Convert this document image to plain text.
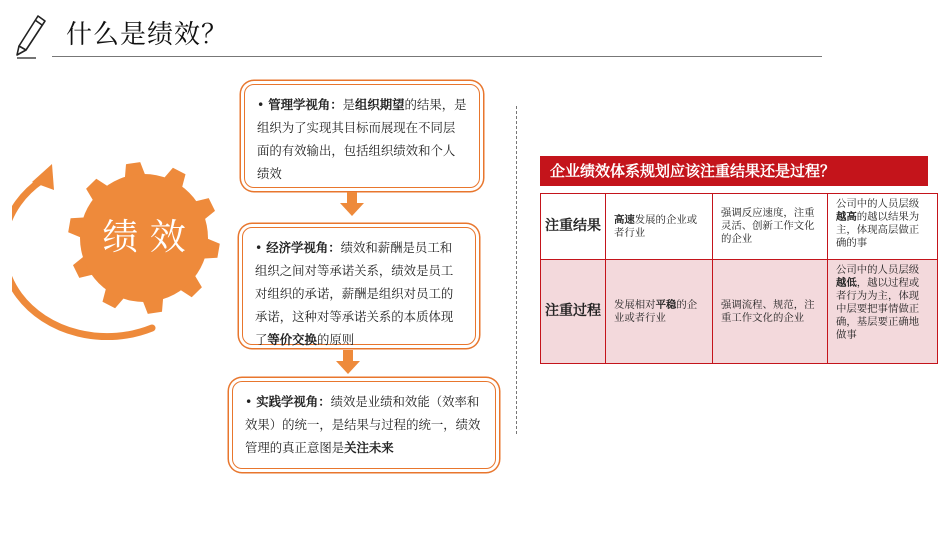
什么是绩效？
绩 效
• 管理学视角：是组织期望的结果，是组织为了实现其目标而展现在不同层面的有效输出，包括组织绩效和个人绩效
• 经济学视角：绩效和薪酬是员工和组织之间对等承诺关系，绩效是员工对组织的承诺，薪酬是组织对员工的承诺，这种对等承诺关系的本质体现了等价交换的原则
• 实践学视角：绩效是业绩和效能（效率和效果）的统一，是结果与过程的统一，绩效管理的真正意图是关注未来
企业绩效体系规划应该注重结果还是过程？
注重结果	高速发展的企业或者行业	强调反应速度，注重灵活、创新工作文化的企业	公司中的人员层级越高的越以结果为主，体现高层做正确的事
注重过程	发展相对平稳的企业或者行业	强调流程、规范，注重工作文化的企业	公司中的人员层级越低，越以过程或者行为为主，体现中层要把事情做正确，基层要正确地做事
